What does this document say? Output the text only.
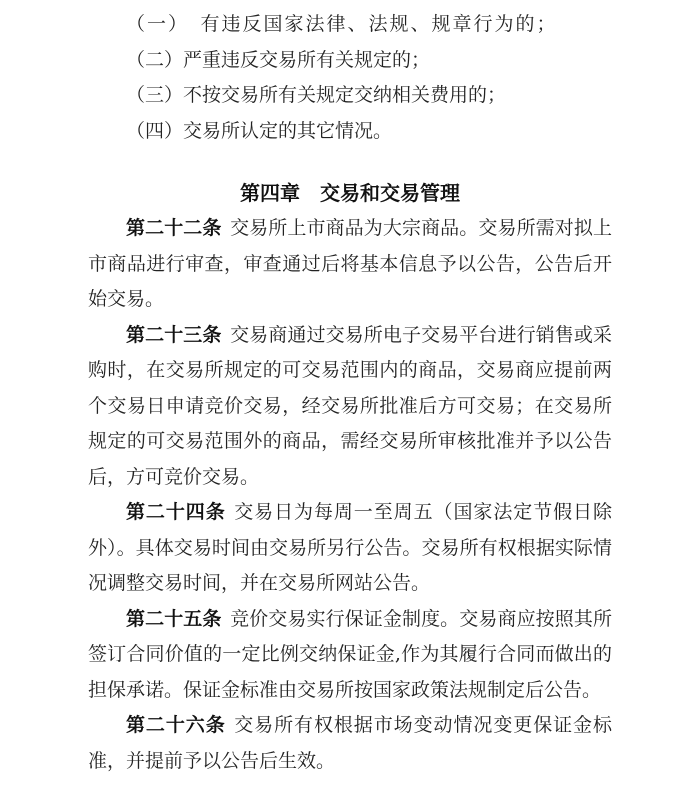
（一）　有违反国家法律、法规、规章行为的；

（二）严重违反交易所有关规定的；

（三）不按交易所有关规定交纳相关费用的；

（四）交易所认定的其它情况。

第四章　交易和交易管理

第二十二条 交易所上市商品为大宗商品。交易所需对拟上市商品进行审查，审查通过后将基本信息予以公告，公告后开始交易。

第二十三条 交易商通过交易所电子交易平台进行销售或采购时，在交易所规定的可交易范围内的商品，交易商应提前两个交易日申请竞价交易，经交易所批准后方可交易；在交易所规定的可交易范围外的商品，需经交易所审核批准并予以公告后，方可竞价交易。

第二十四条 交易日为每周一至周五（国家法定节假日除外）。具体交易时间由交易所另行公告。交易所有权根据实际情况调整交易时间，并在交易所网站公告。

第二十五条 竞价交易实行保证金制度。交易商应按照其所签订合同价值的一定比例交纳保证金,作为其履行合同而做出的担保承诺。保证金标准由交易所按国家政策法规制定后公告。

第二十六条 交易所有权根据市场变动情况变更保证金标准，并提前予以公告后生效。
